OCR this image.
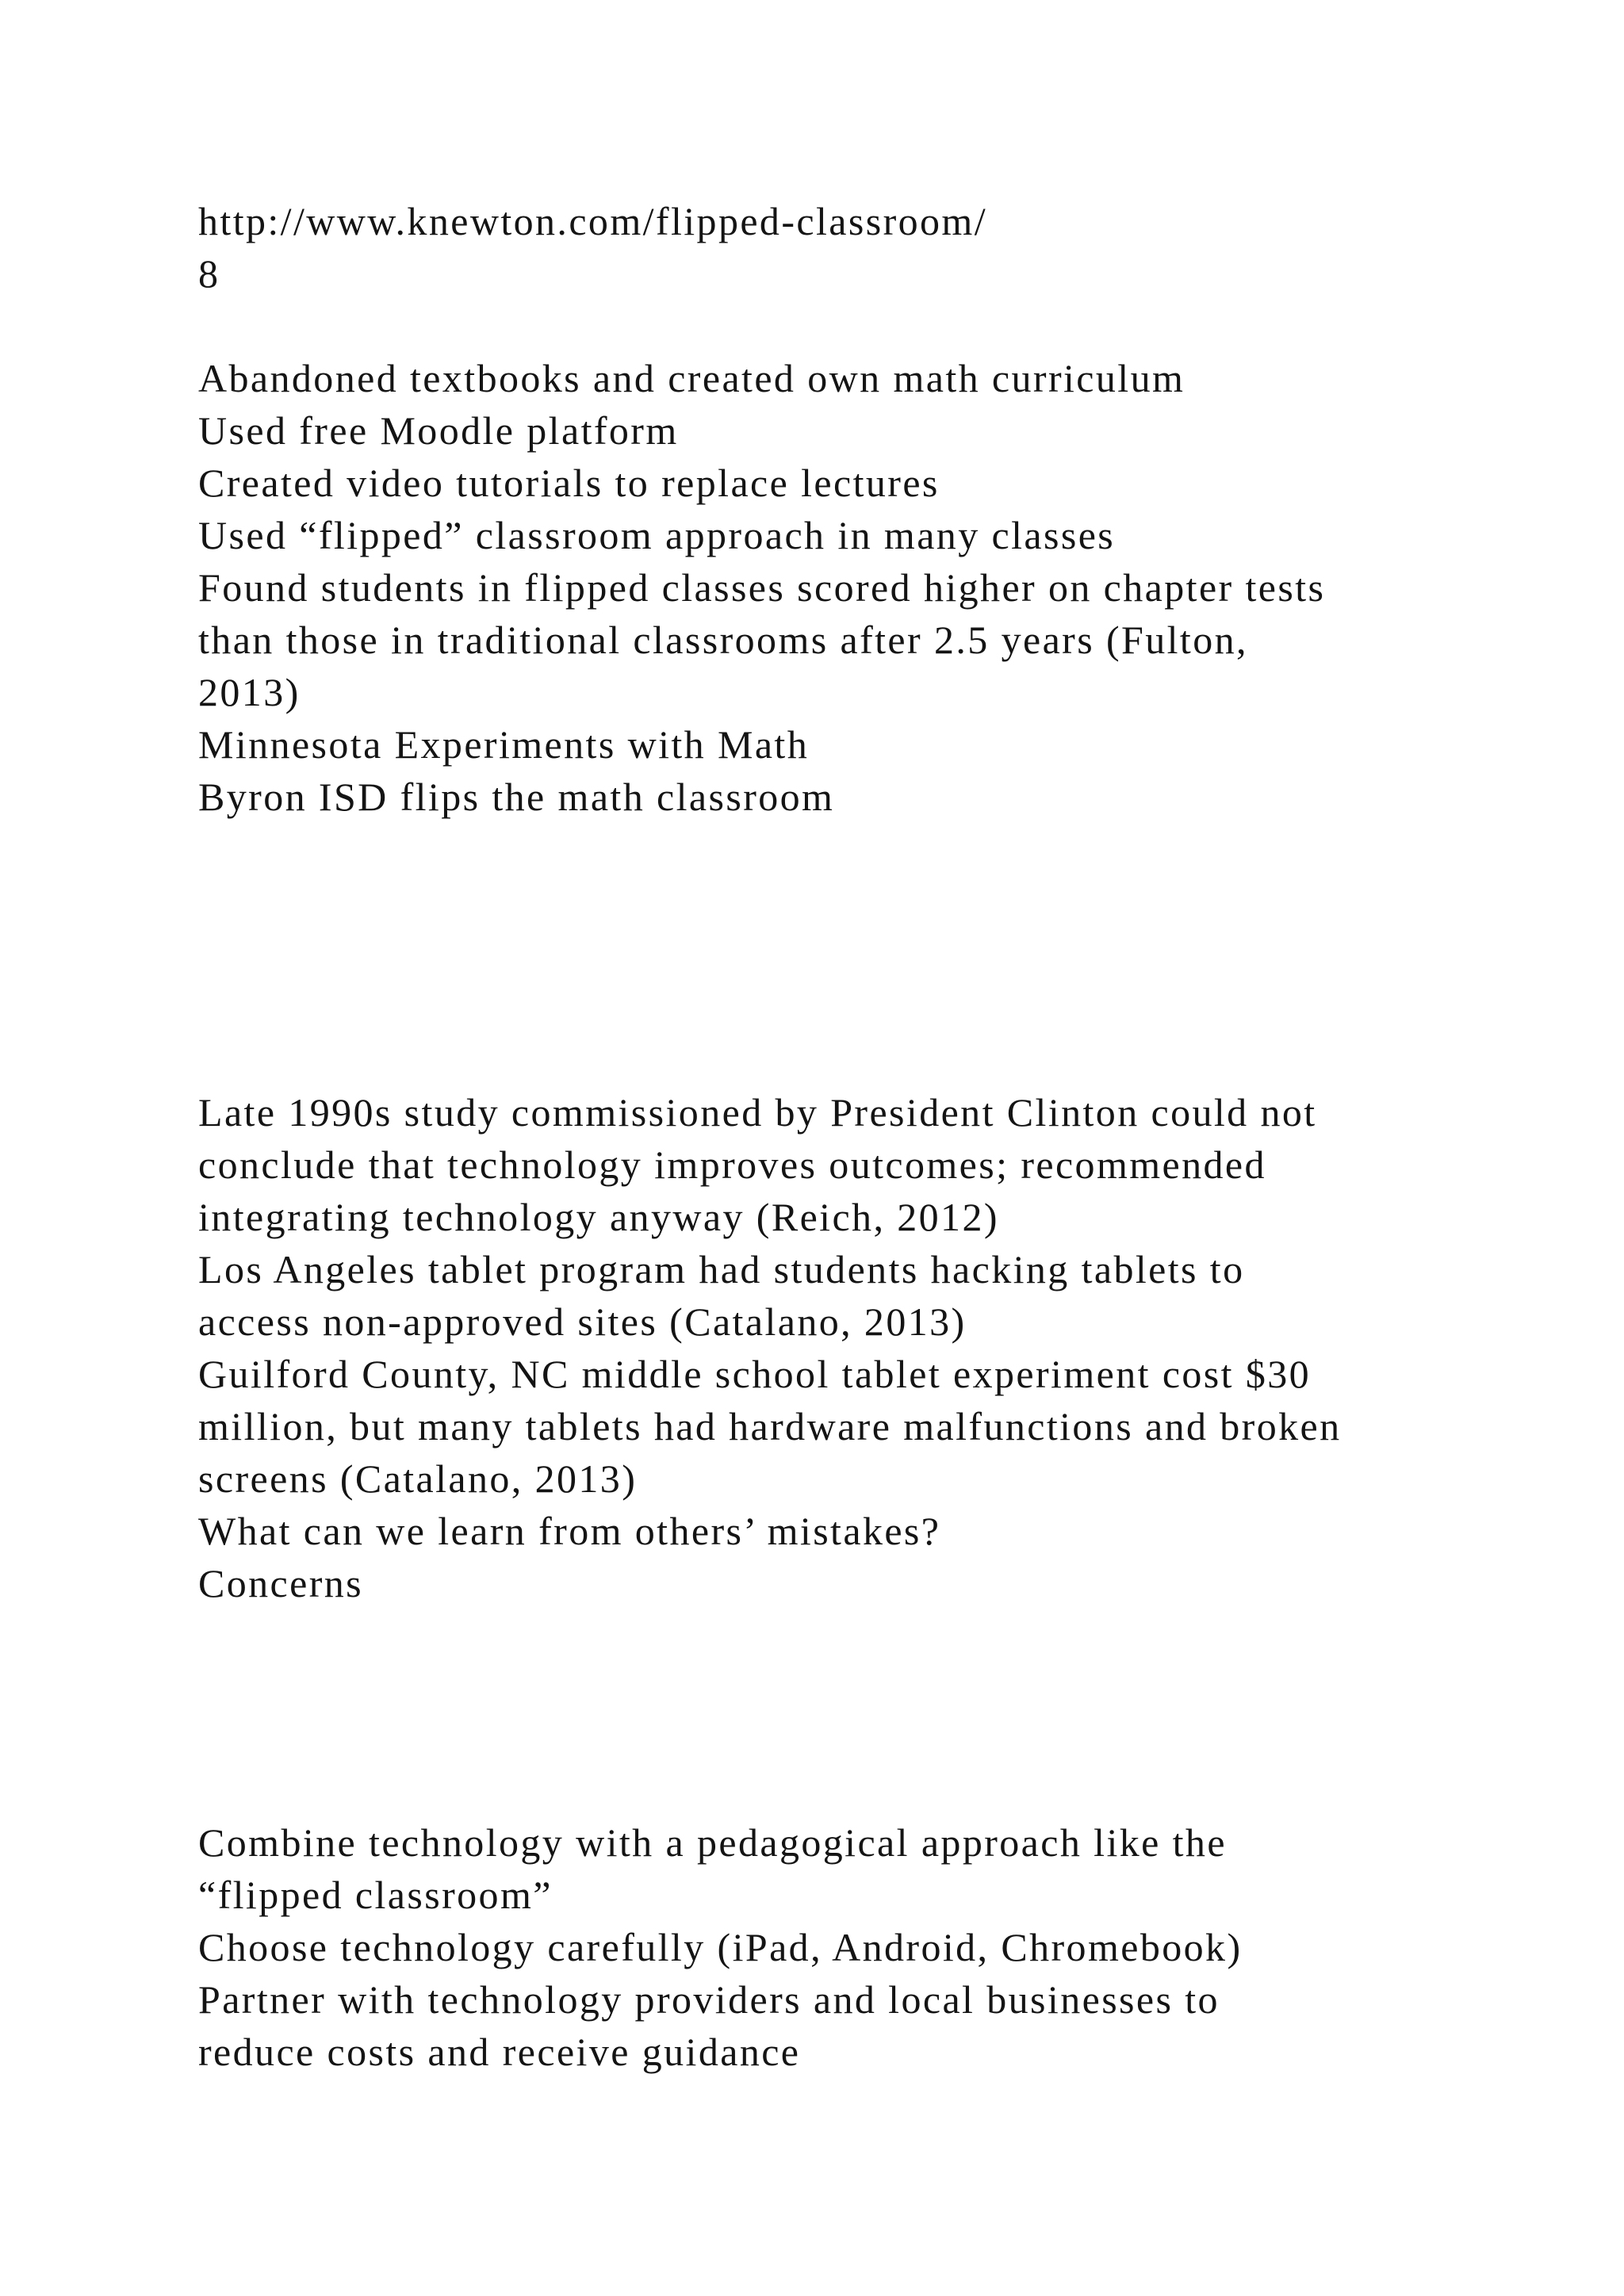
http://www.knewton.com/flipped-classroom/

8

Abandoned textbooks and created own math curriculum

Used free Moodle platform

Created video tutorials to replace lectures

Used “flipped” classroom approach in many classes

Found students in flipped classes scored higher on chapter tests

than those in traditional classrooms after 2.5 years (Fulton,

2013)

Minnesota Experiments with Math

Byron ISD flips the math classroom

Late 1990s study commissioned by President Clinton could not

conclude that technology improves outcomes; recommended

integrating technology anyway (Reich, 2012)

Los Angeles tablet program had students hacking tablets to

access non-approved sites (Catalano, 2013)

Guilford County, NC middle school tablet experiment cost $30

million, but many tablets had hardware malfunctions and broken

screens (Catalano, 2013)

What can we learn from others’ mistakes?

Concerns

Combine technology with a pedagogical approach like the

“flipped classroom”

Choose technology carefully (iPad, Android, Chromebook)

Partner with technology providers and local businesses to

reduce costs and receive guidance
